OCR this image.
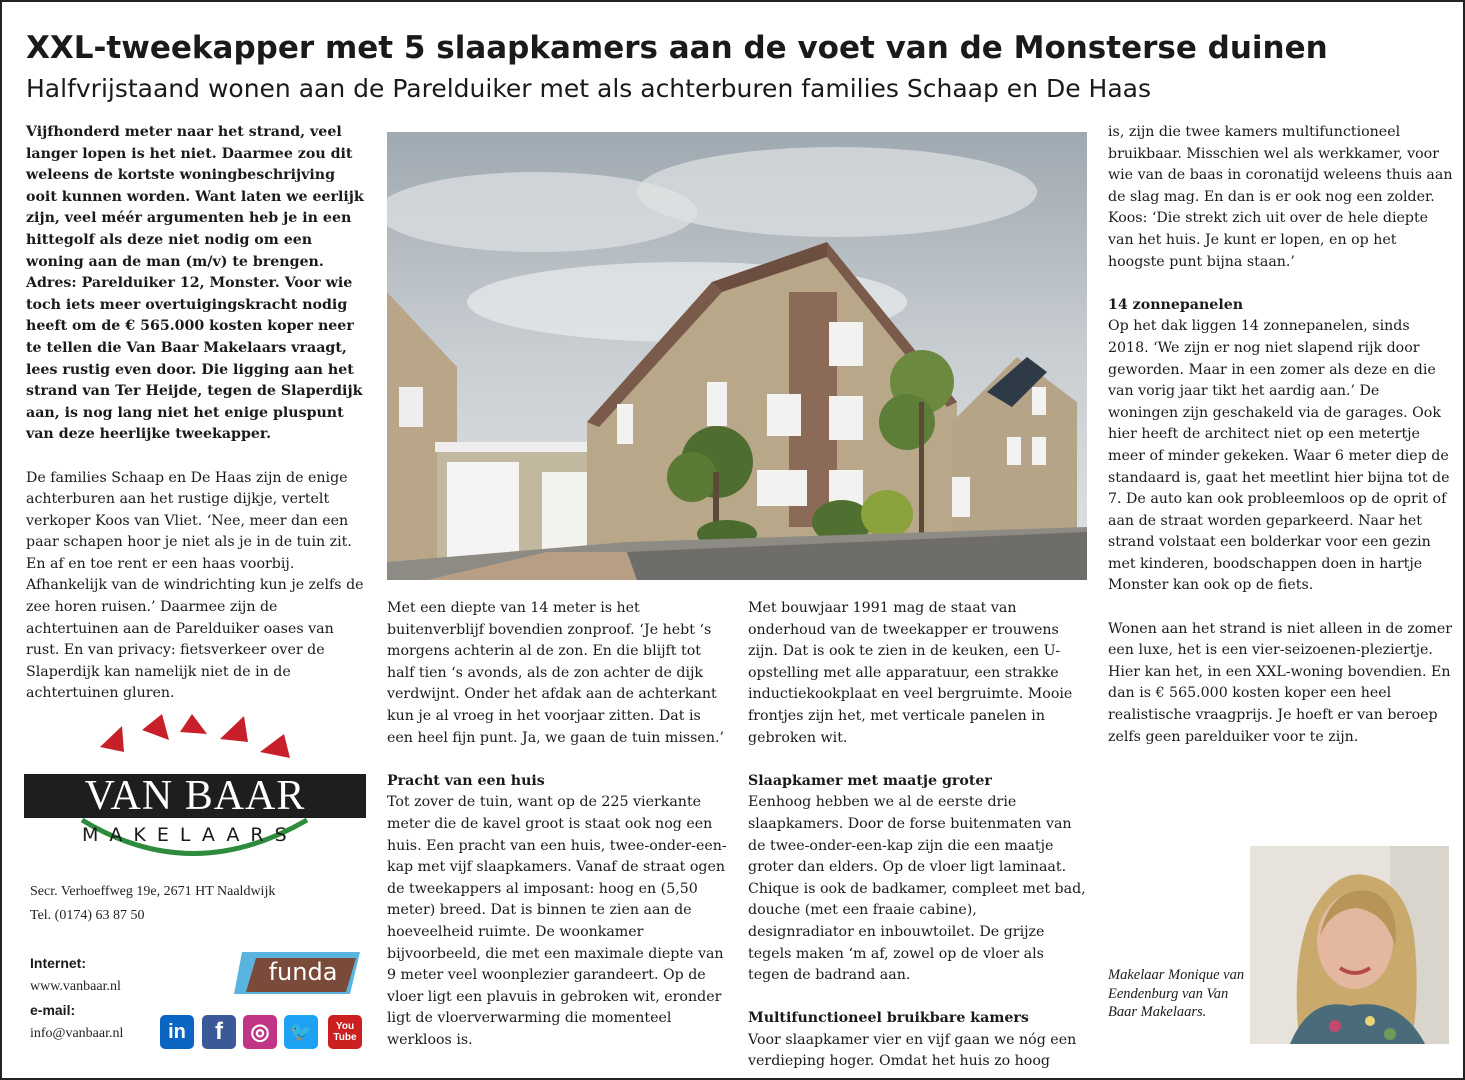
XXL-tweekapper met 5 slaapkamers aan de voet van de Monsterse duinen
Halfvrijstaand wonen aan de Parelduiker met als achterburen families Schaap en De Haas

Vijfhonderd meter naar het strand, veel langer lopen is het niet. Daarmee zou dit weleens de kortste woningbeschrijving ooit kunnen worden. Want laten we eerlijk zijn, veel méér argumenten heb je in een hittegolf als deze niet nodig om een woning aan de man (m/v) te brengen. Adres: Parelduiker 12, Monster. Voor wie toch iets meer overtuigingskracht nodig heeft om de € 565.000 kosten koper neer te tellen die Van Baar Makelaars vraagt, lees rustig even door. Die ligging aan het strand van Ter Heijde, tegen de Slaperdijk aan, is nog lang niet het enige pluspunt van deze heerlijke tweekapper.

De families Schaap en De Haas zijn de enige achterburen aan het rustige dijkje, vertelt verkoper Koos van Vliet. ‘Nee, meer dan een paar schapen hoor je niet als je in de tuin zit. En af en toe rent er een haas voorbij. Afhankelijk van de windrichting kun je zelfs de zee horen ruisen.’ Daarmee zijn de achtertuinen aan de Parelduiker oases van rust. En van privacy: fietsverkeer over de Slaperdijk kan namelijk niet de in de achtertuinen gluren.

Met een diepte van 14 meter is het buitenverblijf bovendien zonproof. ‘Je hebt ‘s morgens achterin al de zon. En die blijft tot half tien ‘s avonds, als de zon achter de dijk verdwijnt. Onder het afdak aan de achterkant kun je al vroeg in het voorjaar zitten. Dat is een heel fijn punt. Ja, we gaan de tuin missen.’

Pracht van een huis

Tot zover de tuin, want op de 225 vierkante meter die de kavel groot is staat ook nog een huis. Een pracht van een huis, twee-onder-een-kap met vijf slaapkamers. Vanaf de straat ogen de tweekappers al imposant: hoog en (5,50 meter) breed. Dat is binnen te zien aan de hoeveelheid ruimte. De woonkamer bijvoorbeeld, die met een maximale diepte van 9 meter veel woonplezier garandeert. Op de vloer ligt een plavuis in gebroken wit, eronder ligt de vloerverwarming die momenteel werkloos is.

Met bouwjaar 1991 mag de staat van onderhoud van de tweekapper er trouwens zijn. Dat is ook te zien in de keuken, een U-opstelling met alle apparatuur, een strakke inductiekookplaat en veel bergruimte. Mooie frontjes zijn het, met verticale panelen in gebroken wit.

Slaapkamer met maatje groter

Eenhoog hebben we al de eerste drie slaapkamers. Door de forse buitenmaten van de twee-onder-een-kap zijn die een maatje groter dan elders. Op de vloer ligt laminaat. Chique is ook de badkamer, compleet met bad, douche (met een fraaie cabine), designradiator en inbouwtoilet. De grijze tegels maken ‘m af, zowel op de vloer als tegen de badrand aan.

Multifunctioneel bruikbare kamers

Voor slaapkamer vier en vijf gaan we nóg een verdieping hoger. Omdat het huis zo hoog

is, zijn die twee kamers multifunctioneel bruikbaar. Misschien wel als werkkamer, voor wie van de baas in coronatijd weleens thuis aan de slag mag. En dan is er ook nog een zolder. Koos: ‘Die strekt zich uit over de hele diepte van het huis. Je kunt er lopen, en op het hoogste punt bijna staan.’

14 zonnepanelen

Op het dak liggen 14 zonnepanelen, sinds 2018. ‘We zijn er nog niet slapend rijk door geworden. Maar in een zomer als deze en die van vorig jaar tikt het aardig aan.’ De woningen zijn geschakeld via de garages. Ook hier heeft de architect niet op een metertje meer of minder gekeken. Waar 6 meter diep de standaard is, gaat het meetlint hier bijna tot de 7. De auto kan ook probleemloos op de oprit of aan de straat worden geparkeerd. Naar het strand volstaat een bolderkar voor een gezin met kinderen, boodschappen doen in hartje Monster kan ook op de fiets.

Wonen aan het strand is niet alleen in de zomer een luxe, het is een vier-seizoenen-pleziertje. Hier kan het, in een XXL-woning bovendien. En dan is € 565.000 kosten koper een heel realistische vraagprijs. Je hoeft er van beroep zelfs geen parelduiker voor te zijn.

VAN BAAR
MAKELAARS
Secr. Verhoeffweg 19e, 2671 HT Naaldwijk
Tel. (0174) 63 87 50
Internet:
www.vanbaar.nl
e-mail:
info@vanbaar.nl
funda
in	f	◎	🐦	You Tube
Makelaar Monique van Eendenburg van Van Baar Makelaars.
